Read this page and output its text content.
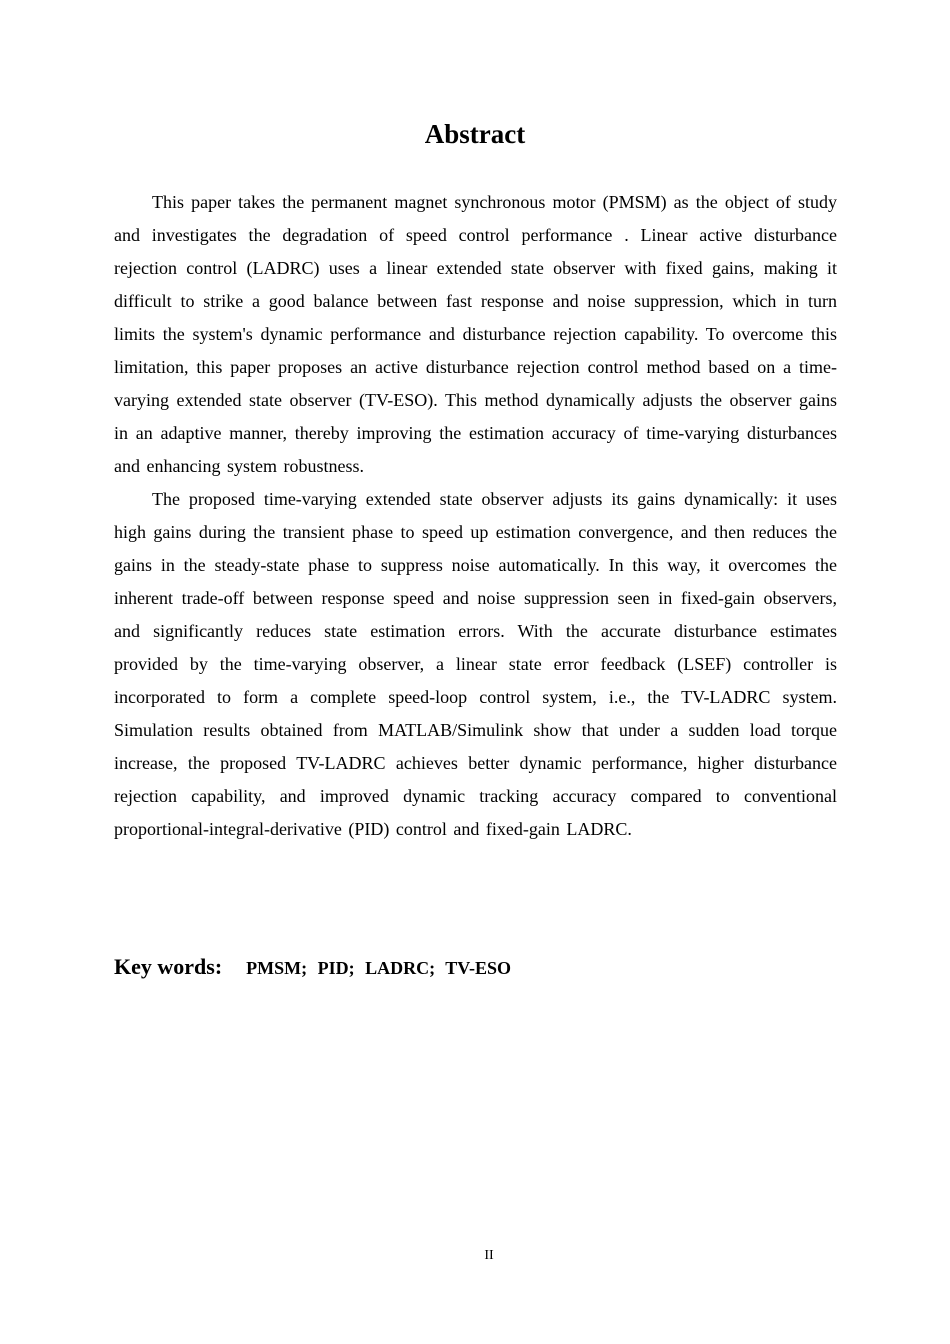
Abstract

This paper takes the permanent magnet synchronous motor (PMSM) as the object of study and investigates the degradation of speed control performance . Linear active disturbance rejection control (LADRC) uses a linear extended state observer with fixed gains, making it difficult to strike a good balance between fast response and noise suppression, which in turn limits the system's dynamic performance and disturbance rejection capability. To overcome this limitation, this paper proposes an active disturbance rejection control method based on a time-varying extended state observer (TV-ESO). This method dynamically adjusts the observer gains in an adaptive manner, thereby improving the estimation accuracy of time-varying disturbances and enhancing system robustness.

The proposed time-varying extended state observer adjusts its gains dynamically: it uses high gains during the transient phase to speed up estimation convergence, and then reduces the gains in the steady-state phase to suppress noise automatically. In this way, it overcomes the inherent trade-off between response speed and noise suppression seen in fixed-gain observers, and significantly reduces state estimation errors. With the accurate disturbance estimates provided by the time-varying observer, a linear state error feedback (LSEF) controller is incorporated to form a complete speed-loop control system, i.e., the TV-LADRC system. Simulation results obtained from MATLAB/Simulink show that under a sudden load torque increase, the proposed TV-LADRC achieves better dynamic performance, higher disturbance rejection capability, and improved dynamic tracking accuracy compared to conventional proportional-integral-derivative (PID) control and fixed-gain LADRC.

Key words: PMSM; PID; LADRC; TV-ESO
II
